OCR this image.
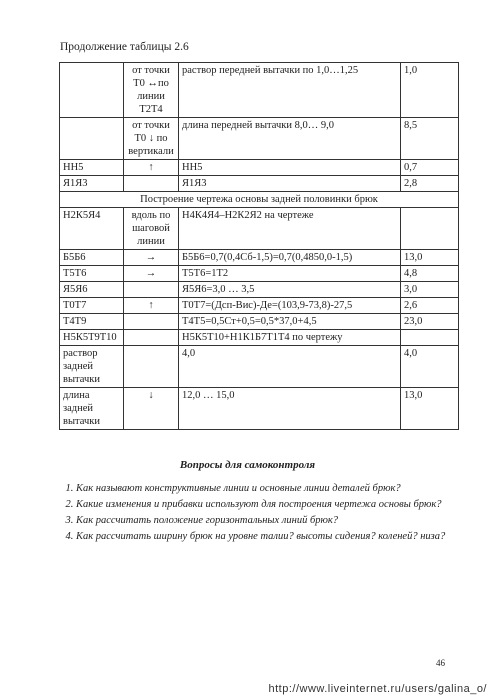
Продолжение таблицы 2.6
	от точки Т0 ↔по линии Т2Т4	раствор передней вытачки по 1,0…1,25	1,0
	от точки Т0 ↓ по вертикали	длина передней вытачки 8,0… 9,0	8,5
НН5	↑	НН5	0,7
Я1Я3		Я1Я3	2,8
Построение чертежа основы задней половинки брюк			
Н2К5Я4	вдоль по шаговой линии	Н4К4Я4–Н2К2Я2 на чертеже	
Б5Б6	→	Б5Б6=0,7(0,4Сб-1,5)=0,7(0,4850,0-1,5)	13,0
Т5Т6	→	Т5Т6=1Т2	4,8
Я5Я6		Я5Я6=3,0 … 3,5	3,0
Т0Т7	↑	Т0Т7=(Дсп-Вис)-Де=(103,9-73,8)-27,5	2,6
Т4Т9		Т4Т5=0,5Ст+0,5=0,5*37,0+4,5	23,0
Н5К5Т9Т10		Н5К5Т10+Н1К1Б7Т1Т4 по чертежу	
раствор задней вытачки		4,0	4,0
длина задней вытачки	↓	12,0 … 15,0	13,0
Вопросы для самоконтроля
1. Как называют конструктивные линии и основные линии деталей брюк?
2. Какие изменения и прибавки используют для построения чертежа основы брюк?
3. Как рассчитать положение горизонтальных линий брюк?
4. Как рассчитать ширину брюк на уровне талии? высоты сидения? коленей? низа?
46
http://www.liveinternet.ru/users/galina_o/
